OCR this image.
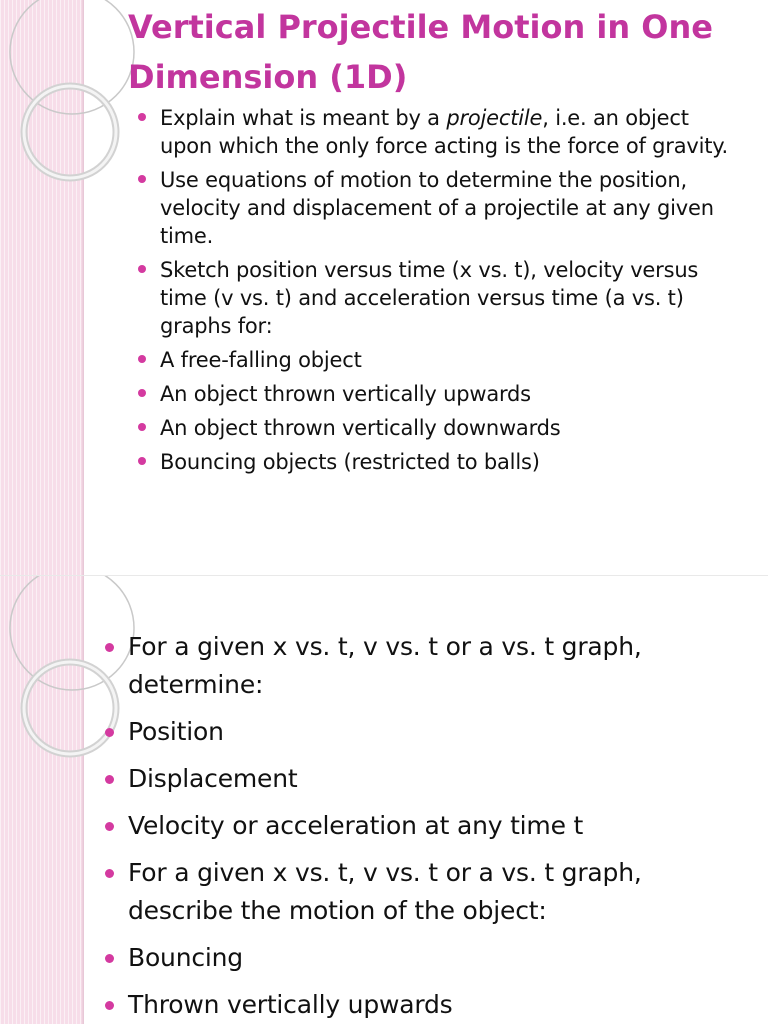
Vertical Projectile Motion in One Dimension (1D)
Explain what is meant by a projectile, i.e. an object upon which the only force acting is the force of gravity.
Use equations of motion to determine the position, velocity and displacement of a projectile at any given time.
Sketch position versus time (x vs. t), velocity versus time (v vs. t) and acceleration versus time (a vs. t) graphs for:
A free-falling object
An object thrown vertically upwards
An object thrown vertically downwards
Bouncing objects (restricted to balls)
For a given x vs. t, v vs. t or a vs. t graph, determine:
Position
Displacement
Velocity or acceleration at any time t
For a given x vs. t, v vs. t or a vs. t graph, describe the motion of the object:
Bouncing
Thrown vertically upwards
